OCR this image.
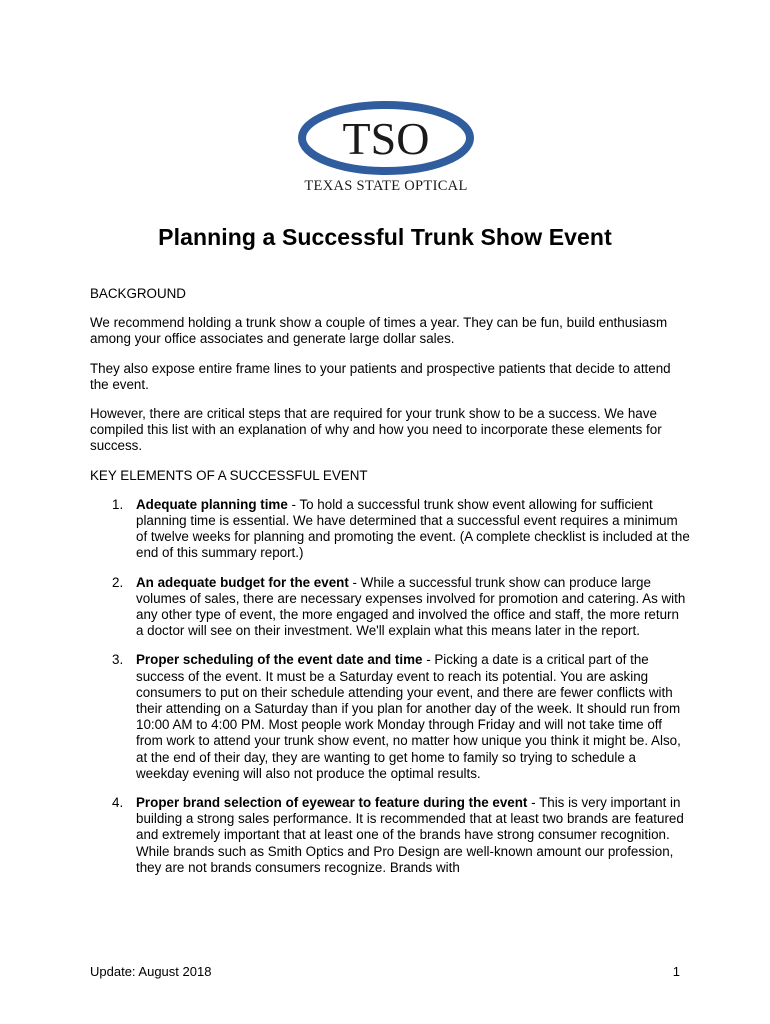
TSO
TEXAS STATE OPTICAL
Planning a Successful Trunk Show Event
BACKGROUND

We recommend holding a trunk show a couple of times a year. They can be fun, build enthusiasm among your office associates and generate large dollar sales.

They also expose entire frame lines to your patients and prospective patients that decide to attend the event.

However, there are critical steps that are required for your trunk show to be a success. We have compiled this list with an explanation of why and how you need to incorporate these elements for success.

KEY ELEMENTS OF A SUCCESSFUL EVENT
1. Adequate planning time - To hold a successful trunk show event allowing for sufficient planning time is essential. We have determined that a successful event requires a minimum of twelve weeks for planning and promoting the event. (A complete checklist is included at the end of this summary report.)
2. An adequate budget for the event - While a successful trunk show can produce large volumes of sales, there are necessary expenses involved for promotion and catering. As with any other type of event, the more engaged and involved the office and staff, the more return a doctor will see on their investment. We'll explain what this means later in the report.
3. Proper scheduling of the event date and time - Picking a date is a critical part of the success of the event. It must be a Saturday event to reach its potential. You are asking consumers to put on their schedule attending your event, and there are fewer conflicts with their attending on a Saturday than if you plan for another day of the week. It should run from 10:00 AM to 4:00 PM. Most people work Monday through Friday and will not take time off from work to attend your trunk show event, no matter how unique you think it might be. Also, at the end of their day, they are wanting to get home to family so trying to schedule a weekday evening will also not produce the optimal results.
4. Proper brand selection of eyewear to feature during the event - This is very important in building a strong sales performance. It is recommended that at least two brands are featured and extremely important that at least one of the brands have strong consumer recognition. While brands such as Smith Optics and Pro Design are well-known amount our profession, they are not brands consumers recognize. Brands with
Update: August 2018	1
